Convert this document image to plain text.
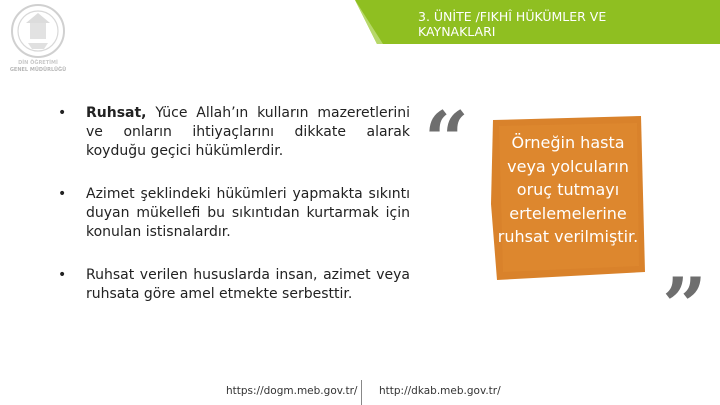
DİN ÖĞRETİMİ
GENEL MÜDÜRLÜĞÜ
3. ÜNİTE /FIKHÎ HÜKÜMLER VE KAYNAKLARI
• Ruhsat, Yüce Allah’ın kulların mazeretlerini ve onların ihtiyaçlarını dikkate alarak koyduğu geçici hükümlerdir.
• Azimet şeklindeki hükümleri yapmakta sıkıntı duyan mükellefi bu sıkıntıdan kurtarmak için konulan istisnalardır.
• Ruhsat verilen hususlarda insan, azimet veya ruhsata göre amel etmekte serbesttir.
“	Örneğin hasta veya yolcuların oruç tutmayı ertelemelerine ruhsat verilmiştir.
”
https://dogm.meb.gov.tr/ http://dkab.meb.gov.tr/
